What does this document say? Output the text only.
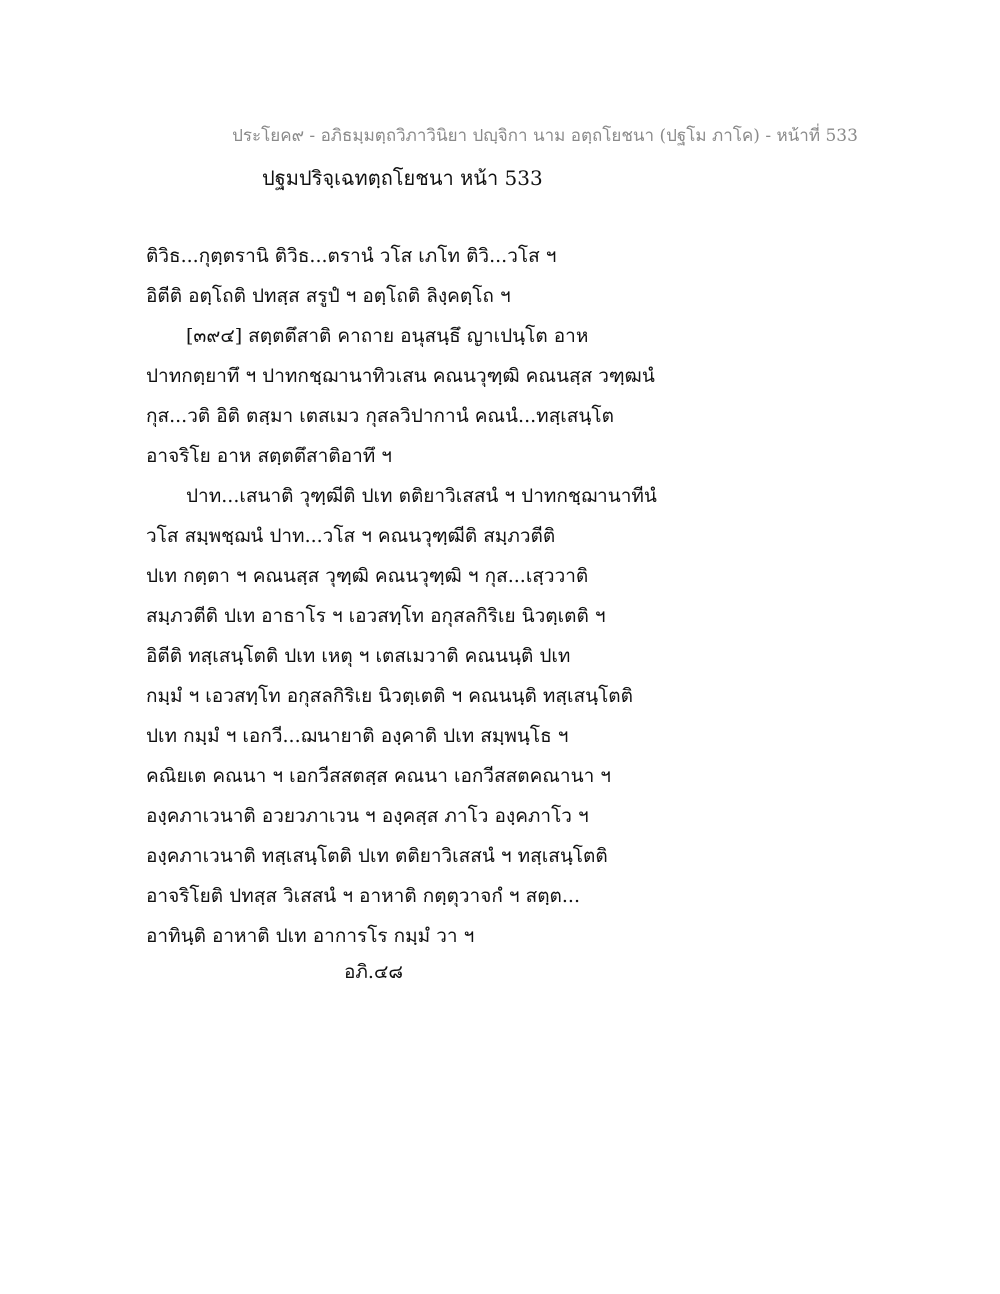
ประโยค๙ - อภิธมฺมตฺถวิภาวินิยา ปญฺจิกา นาม อตฺถโยชนา (ปฐโม ภาโค) - หน้าที่ 533
ปฐมปริจฺเฉทตฺถโยชนา หน้า 533
ติวิธ...กุตฺตรานิ ติวิธ...ตรานํ วโส เภโท ติวิ...วโส ฯ
อิตีติ อตฺโถติ ปทสฺส สรูปํ ฯ อตฺโถติ ลิงฺคตฺโถ ฯ
[๓๙๔] สตฺตตึสาติ คาถาย อนุสนฺธึ ญาเปนฺโต อาห
ปาทกตฺยาทึ ฯ ปาทกชฺฌานาทิวเสน คณนวุฑฺฒิ คณนสฺส วฑฺฒนํ
กุส...วติ อิติ ตสฺมา เตสเมว กุสลวิปากานํ คณนํ...ทสฺเสนฺโต
อาจริโย อาห สตฺตตึสาติอาทึ ฯ
ปาท...เสนาติ วุฑฺฒีติ ปเท ตติยาวิเสสนํ ฯ ปาทกชฺฌานาทีนํ
วโส สมฺพชฺฌนํ ปาท...วโส ฯ คณนวุฑฺฒีติ สมฺภวตีติ
ปเท กตฺตา ฯ คณนสฺส วุฑฺฒิ คณนวุฑฺฒิ ฯ กุส...เสฺววาติ
สมฺภวตีติ ปเท อาธาโร ฯ เอวสทฺโท อกุสลกิริเย นิวตฺเตติ ฯ
อิตีติ ทสฺเสนฺโตติ ปเท เหตุ ฯ เตสเมวาติ คณนนฺติ ปเท
กมฺมํ ฯ เอวสทฺโท อกุสลกิริเย นิวตฺเตติ ฯ คณนนฺติ ทสฺเสนฺโตติ
ปเท กมฺมํ ฯ เอกวี...ฌนายาติ องฺคาติ ปเท สมฺพนฺโธ ฯ
คณิยเต คณนา ฯ เอกวีสสตสฺส คณนา เอกวีสสตคณานา ฯ
องฺคภาเวนาติ อวยวภาเวน ฯ องฺคสฺส ภาโว องฺคภาโว ฯ
องฺคภาเวนาติ ทสฺเสนฺโตติ ปเท ตติยาวิเสสนํ ฯ ทสฺเสนฺโตติ
อาจริโยติ ปทสฺส วิเสสนํ ฯ อาหาติ กตฺตุวาจกํ ฯ สตฺต...
อาทินฺติ อาหาติ ปเท อาการโร กมฺมํ วา ฯ
อภิ.๔๘
